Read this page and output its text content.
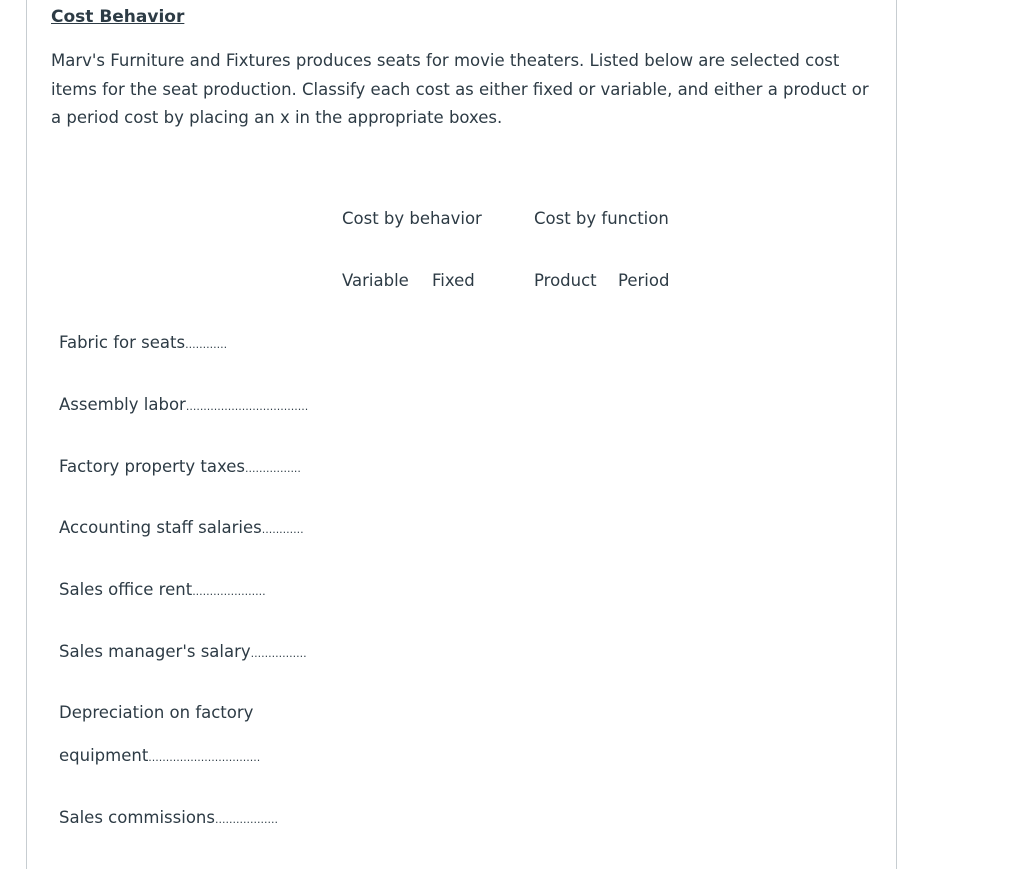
Cost Behavior

Marv's Furniture and Fixtures produces seats for movie theaters. Listed below are selected cost items for the seat production. Classify each cost as either fixed or variable, and either a product or a period cost by placing an x in the appropriate boxes.

Cost by behavior	Cost by function
Variable Fixed	Product Period
Fabric for seats............
Assembly labor...................................
Factory property taxes................
Accounting staff salaries............
Sales office rent.....................
Sales manager's salary................
Depreciation on factory
equipment................................
Sales commissions..................
